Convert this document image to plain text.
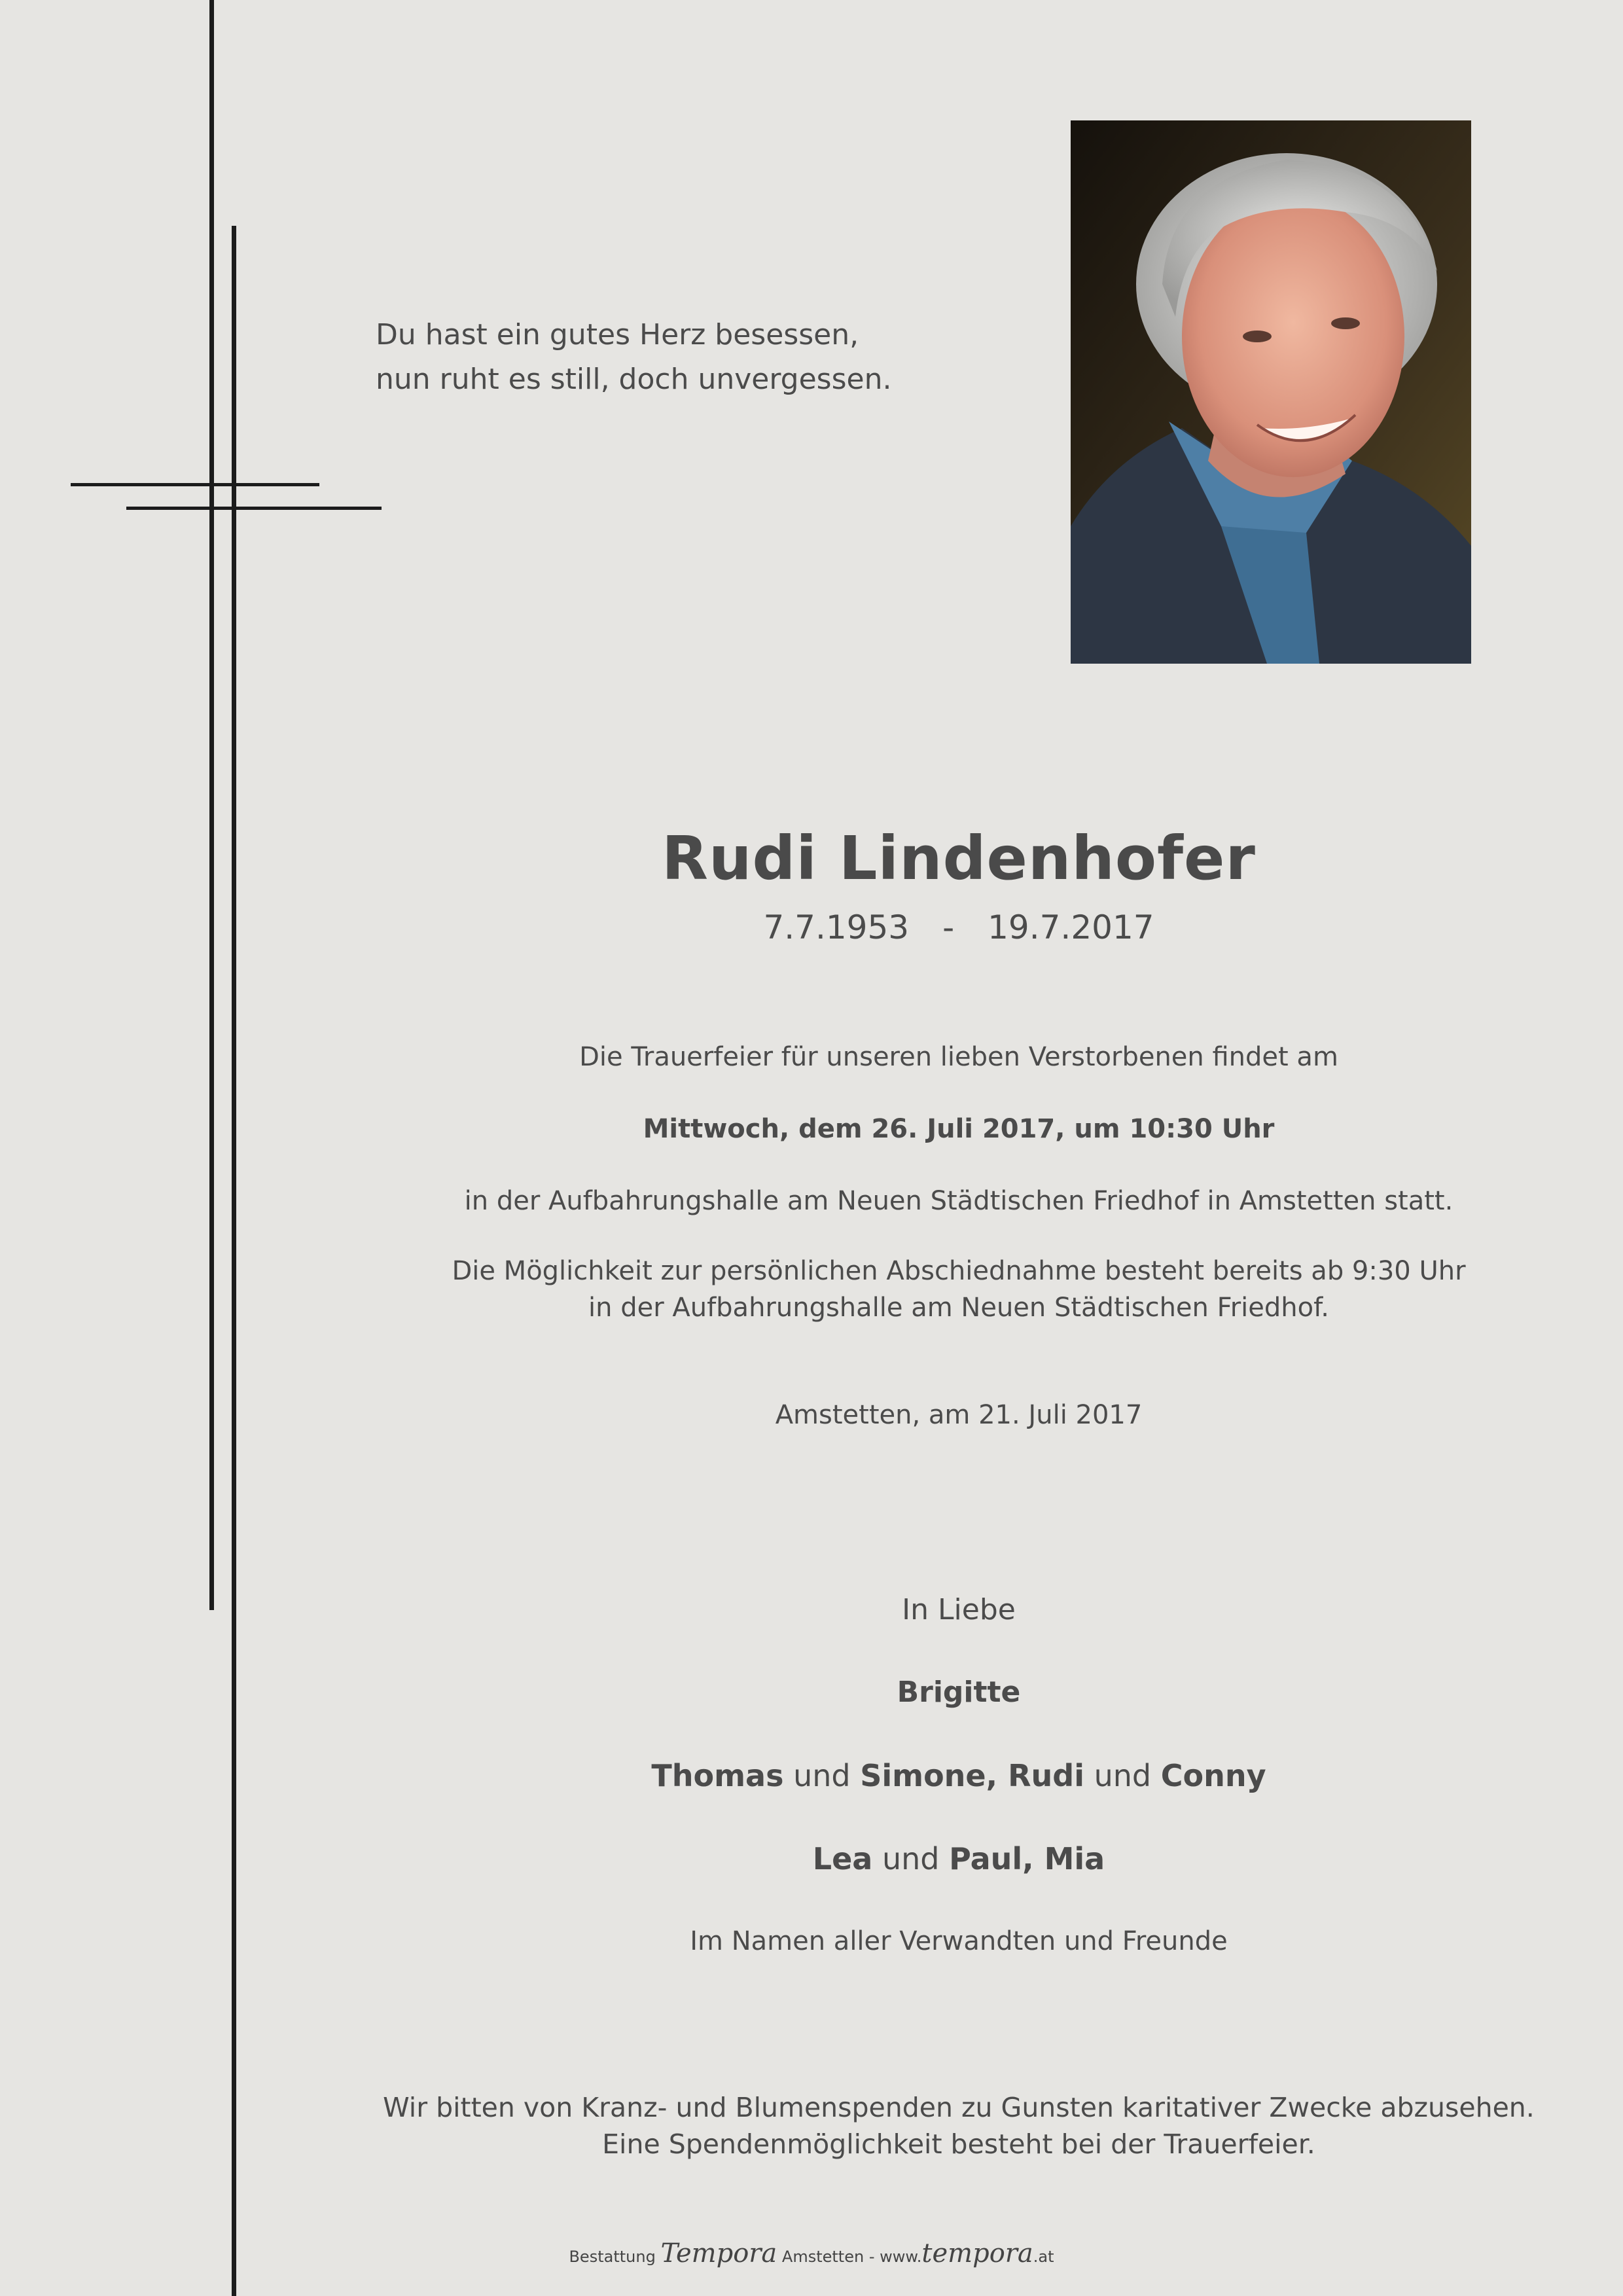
Du hast ein gutes Herz besessen,
nun ruht es still, doch unvergessen.
Rudi Lindenhofer
7.7.1953 - 19.7.2017
Die Trauerfeier für unseren lieben Verstorbenen findet am
Mittwoch, dem 26. Juli 2017, um 10:30 Uhr
in der Aufbahrungshalle am Neuen Städtischen Friedhof in Amstetten statt.
Die Möglichkeit zur persönlichen Abschiednahme besteht bereits ab 9:30 Uhr
in der Aufbahrungshalle am Neuen Städtischen Friedhof.
Amstetten, am 21. Juli 2017
In Liebe
Brigitte
Thomas und Simone, Rudi und Conny
Lea und Paul, Mia
Im Namen aller Verwandten und Freunde
Wir bitten von Kranz- und Blumenspenden zu Gunsten karitativer Zwecke abzusehen.
Eine Spendenmöglichkeit besteht bei der Trauerfeier.
Bestattung Tempora Amstetten - www.tempora.at
